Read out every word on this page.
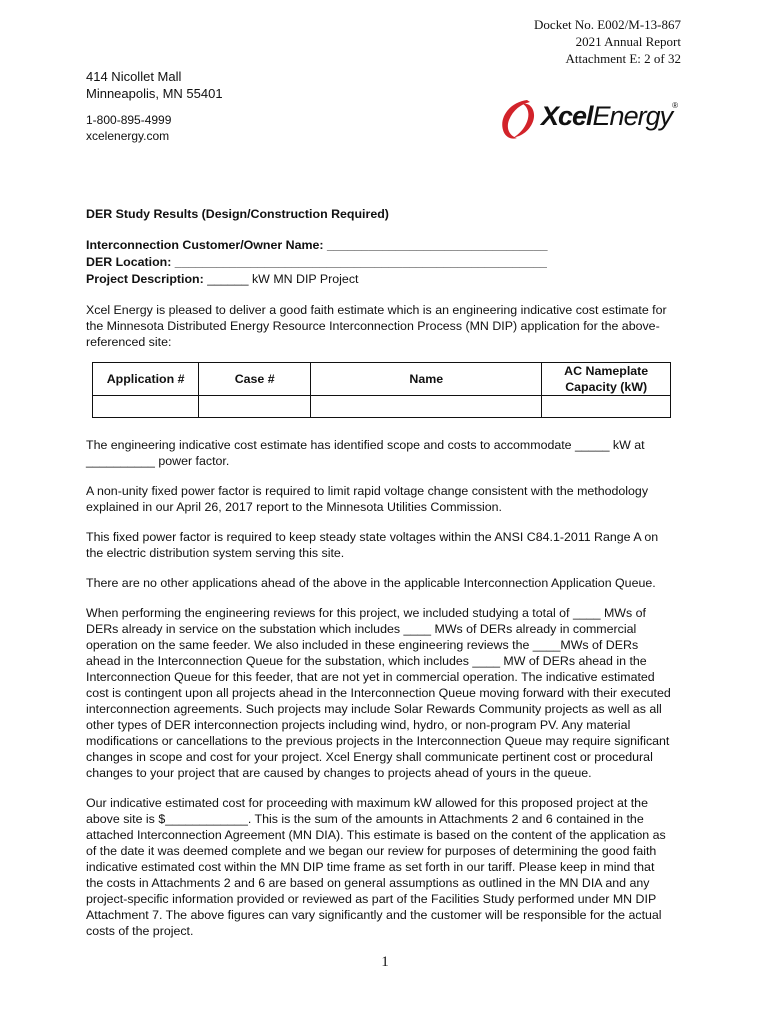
Docket No. E002/M-13-867
2021 Annual Report
Attachment E: 2 of 32
414 Nicollet Mall
Minneapolis, MN 55401
1-800-895-4999
xcelenergy.com
XcelEnergy®

DER Study Results (Design/Construction Required)

Interconnection Customer/Owner Name: ________________________________
DER Location: ______________________________________________________
Project Description: ______ kW MN DIP Project

Xcel Energy is pleased to deliver a good faith estimate which is an engineering indicative cost estimate for the Minnesota Distributed Energy Resource Interconnection Process (MN DIP) application for the above-referenced site:

Application #	Case #	Name	AC Nameplate Capacity (kW)

The engineering indicative cost estimate has identified scope and costs to accommodate _____ kW at __________ power factor.

A non-unity fixed power factor is required to limit rapid voltage change consistent with the methodology explained in our April 26, 2017 report to the Minnesota Utilities Commission.

This fixed power factor is required to keep steady state voltages within the ANSI C84.1-2011 Range A on the electric distribution system serving this site.

There are no other applications ahead of the above in the applicable Interconnection Application Queue.

When performing the engineering reviews for this project, we included studying a total of ____ MWs of DERs already in service on the substation which includes ____ MWs of DERs already in commercial operation on the same feeder. We also included in these engineering reviews the ____MWs of DERs ahead in the Interconnection Queue for the substation, which includes ____ MW of DERs ahead in the Interconnection Queue for this feeder, that are not yet in commercial operation. The indicative estimated cost is contingent upon all projects ahead in the Interconnection Queue moving forward with their executed interconnection agreements. Such projects may include Solar Rewards Community projects as well as all other types of DER interconnection projects including wind, hydro, or non-program PV. Any material modifications or cancellations to the previous projects in the Interconnection Queue may require significant changes in scope and cost for your project. Xcel Energy shall communicate pertinent cost or procedural changes to your project that are caused by changes to projects ahead of yours in the queue.

Our indicative estimated cost for proceeding with maximum kW allowed for this proposed project at the above site is $____________. This is the sum of the amounts in Attachments 2 and 6 contained in the attached Interconnection Agreement (MN DIA). This estimate is based on the content of the application as of the date it was deemed complete and we began our review for purposes of determining the good faith indicative estimated cost within the MN DIP time frame as set forth in our tariff. Please keep in mind that the costs in Attachments 2 and 6 are based on general assumptions as outlined in the MN DIA and any project-specific information provided or reviewed as part of the Facilities Study performed under MN DIP Attachment 7. The above figures can vary significantly and the customer will be responsible for the actual costs of the project.

1
